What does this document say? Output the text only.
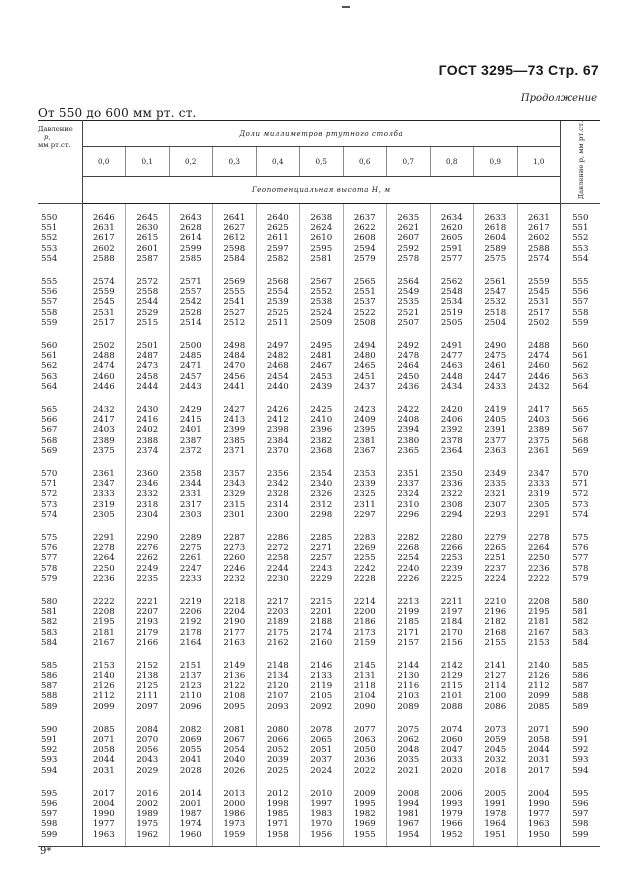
ГОСТ 3295—73 Стр. 67
Продолжение
От 550 до 600 мм рт. ст.
Давление
p,
мм рт.ст.	Доли миллиметров ртутного столба											Давление p, мм рт.ст.
	0,0	0,1	0,2	0,3	0,4	0,5	0,6	0,7	0,8	0,9	1,0	
	Геопотенциальная высота H, м											

550	2646	2645	2643	2641	2640	2638	2637	2635	2634	2633	2631	550
551	2631	2630	2628	2627	2625	2624	2622	2621	2620	2618	2617	551
552	2617	2615	2614	2612	2611	2610	2608	2607	2605	2604	2602	552
553	2602	2601	2599	2598	2597	2595	2594	2592	2591	2589	2588	553
554	2588	2587	2585	2584	2582	2581	2579	2578	2577	2575	2574	554

555	2574	2572	2571	2569	2568	2567	2565	2564	2562	2561	2559	555
556	2559	2558	2557	2555	2554	2552	2551	2549	2548	2547	2545	556
557	2545	2544	2542	2541	2539	2538	2537	2535	2534	2532	2531	557
558	2531	2529	2528	2527	2525	2524	2522	2521	2519	2518	2517	558
559	2517	2515	2514	2512	2511	2509	2508	2507	2505	2504	2502	559

560	2502	2501	2500	2498	2497	2495	2494	2492	2491	2490	2488	560
561	2488	2487	2485	2484	2482	2481	2480	2478	2477	2475	2474	561
562	2474	2473	2471	2470	2468	2467	2465	2464	2463	2461	2460	562
563	2460	2458	2457	2456	2454	2453	2451	2450	2448	2447	2446	563
564	2446	2444	2443	2441	2440	2439	2437	2436	2434	2433	2432	564

565	2432	2430	2429	2427	2426	2425	2423	2422	2420	2419	2417	565
566	2417	2416	2415	2413	2412	2410	2409	2408	2406	2405	2403	566
567	2403	2402	2401	2399	2398	2396	2395	2394	2392	2391	2389	567
568	2389	2388	2387	2385	2384	2382	2381	2380	2378	2377	2375	568
569	2375	2374	2372	2371	2370	2368	2367	2365	2364	2363	2361	569

570	2361	2360	2358	2357	2356	2354	2353	2351	2350	2349	2347	570
571	2347	2346	2344	2343	2342	2340	2339	2337	2336	2335	2333	571
572	2333	2332	2331	2329	2328	2326	2325	2324	2322	2321	2319	572
573	2319	2318	2317	2315	2314	2312	2311	2310	2308	2307	2305	573
574	2305	2304	2303	2301	2300	2298	2297	2296	2294	2293	2291	574

575	2291	2290	2289	2287	2286	2285	2283	2282	2280	2279	2278	575
576	2278	2276	2275	2273	2272	2271	2269	2268	2266	2265	2264	576
577	2264	2262	2261	2260	2258	2257	2255	2254	2253	2251	2250	577
578	2250	2249	2247	2246	2244	2243	2242	2240	2239	2237	2236	578
579	2236	2235	2233	2232	2230	2229	2228	2226	2225	2224	2222	579

580	2222	2221	2219	2218	2217	2215	2214	2213	2211	2210	2208	580
581	2208	2207	2206	2204	2203	2201	2200	2199	2197	2196	2195	581
582	2195	2193	2192	2190	2189	2188	2186	2185	2184	2182	2181	582
583	2181	2179	2178	2177	2175	2174	2173	2171	2170	2168	2167	583
584	2167	2166	2164	2163	2162	2160	2159	2157	2156	2155	2153	584

585	2153	2152	2151	2149	2148	2146	2145	2144	2142	2141	2140	585
586	2140	2138	2137	2136	2134	2133	2131	2130	2129	2127	2126	586
587	2126	2125	2123	2122	2120	2119	2118	2116	2115	2114	2112	587
588	2112	2111	2110	2108	2107	2105	2104	2103	2101	2100	2099	588
589	2099	2097	2096	2095	2093	2092	2090	2089	2088	2086	2085	589

590	2085	2084	2082	2081	2080	2078	2077	2075	2074	2073	2071	590
591	2071	2070	2069	2067	2066	2065	2063	2062	2060	2059	2058	591
592	2058	2056	2055	2054	2052	2051	2050	2048	2047	2045	2044	592
593	2044	2043	2041	2040	2039	2037	2036	2035	2033	2032	2031	593
594	2031	2029	2028	2026	2025	2024	2022	2021	2020	2018	2017	594

595	2017	2016	2014	2013	2012	2010	2009	2008	2006	2005	2004	595
596	2004	2002	2001	2000	1998	1997	1995	1994	1993	1991	1990	596
597	1990	1989	1987	1986	1985	1983	1982	1981	1979	1978	1977	597
598	1977	1975	1974	1973	1971	1970	1969	1967	1966	1964	1963	598
599	1963	1962	1960	1959	1958	1956	1955	1954	1952	1951	1950	599

9*
